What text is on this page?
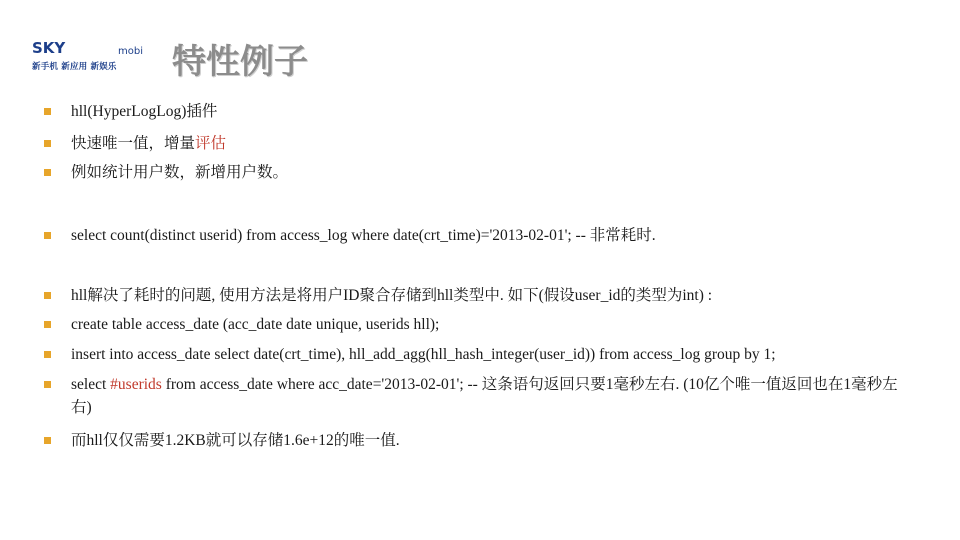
SKY	mobi
新手机 新应用 新娱乐 特性例子
hll(HyperLogLog)插件
快速唯一值，增量评估
例如统计用户数，新增用户数。
select count(distinct userid) from access_log where date(crt_time)='2013-02-01'; -- 非常耗时.
hll解决了耗时的问题, 使用方法是将用户ID聚合存储到hll类型中. 如下(假设user_id的类型为int) :
create table access_date (acc_date date unique, userids hll);
insert into access_date select date(crt_time), hll_add_agg(hll_hash_integer(user_id)) from access_log group by 1;
select #userids from access_date where acc_date='2013-02-01'; -- 这条语句返回只要1毫秒左右. (10亿个唯一值返回也在1毫秒左右)
而hll仅仅需要1.2KB就可以存储1.6e+12的唯一值.
